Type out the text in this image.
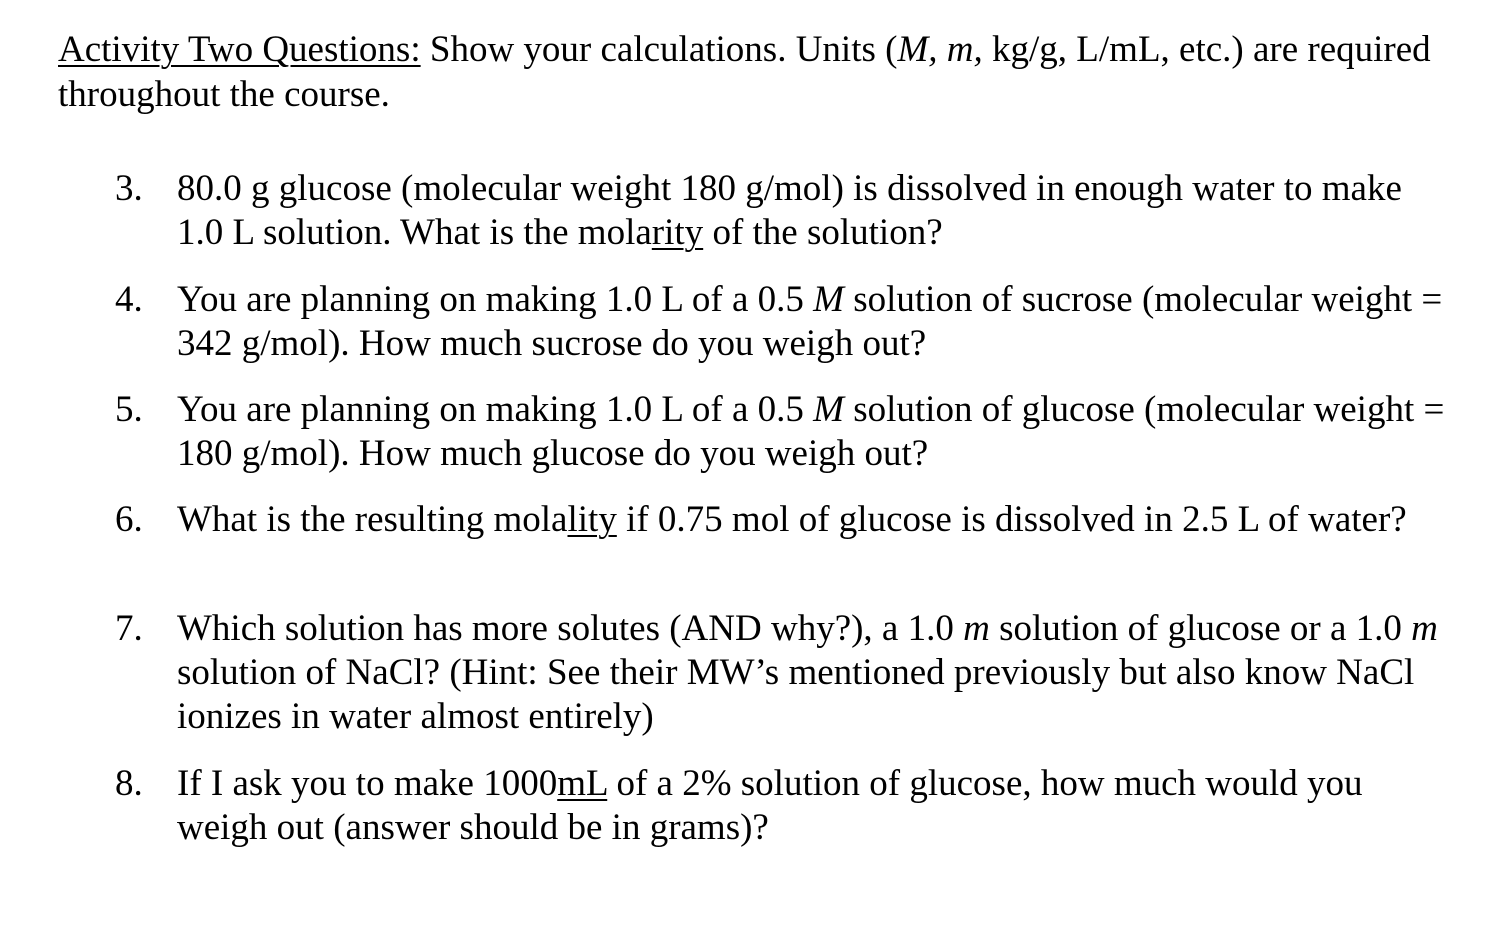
Activity Two Questions: Show your calculations. Units (M, m, kg/g, L/mL, etc.) are required throughout the course.
3. 80.0 g glucose (molecular weight 180 g/mol) is dissolved in enough water to make 1.0 L solution. What is the molarity of the solution?
4. You are planning on making 1.0 L of a 0.5 M solution of sucrose (molecular weight = 342 g/mol). How much sucrose do you weigh out?
5. You are planning on making 1.0 L of a 0.5 M solution of glucose (molecular weight = 180 g/mol). How much glucose do you weigh out?
6. What is the resulting molality if 0.75 mol of glucose is dissolved in 2.5 L of water?
7. Which solution has more solutes (AND why?), a 1.0 m solution of glucose or a 1.0 m solution of NaCl? (Hint: See their MW’s mentioned previously but also know NaCl ionizes in water almost entirely)
8. If I ask you to make 1000mL of a 2% solution of glucose, how much would you weigh out (answer should be in grams)?
